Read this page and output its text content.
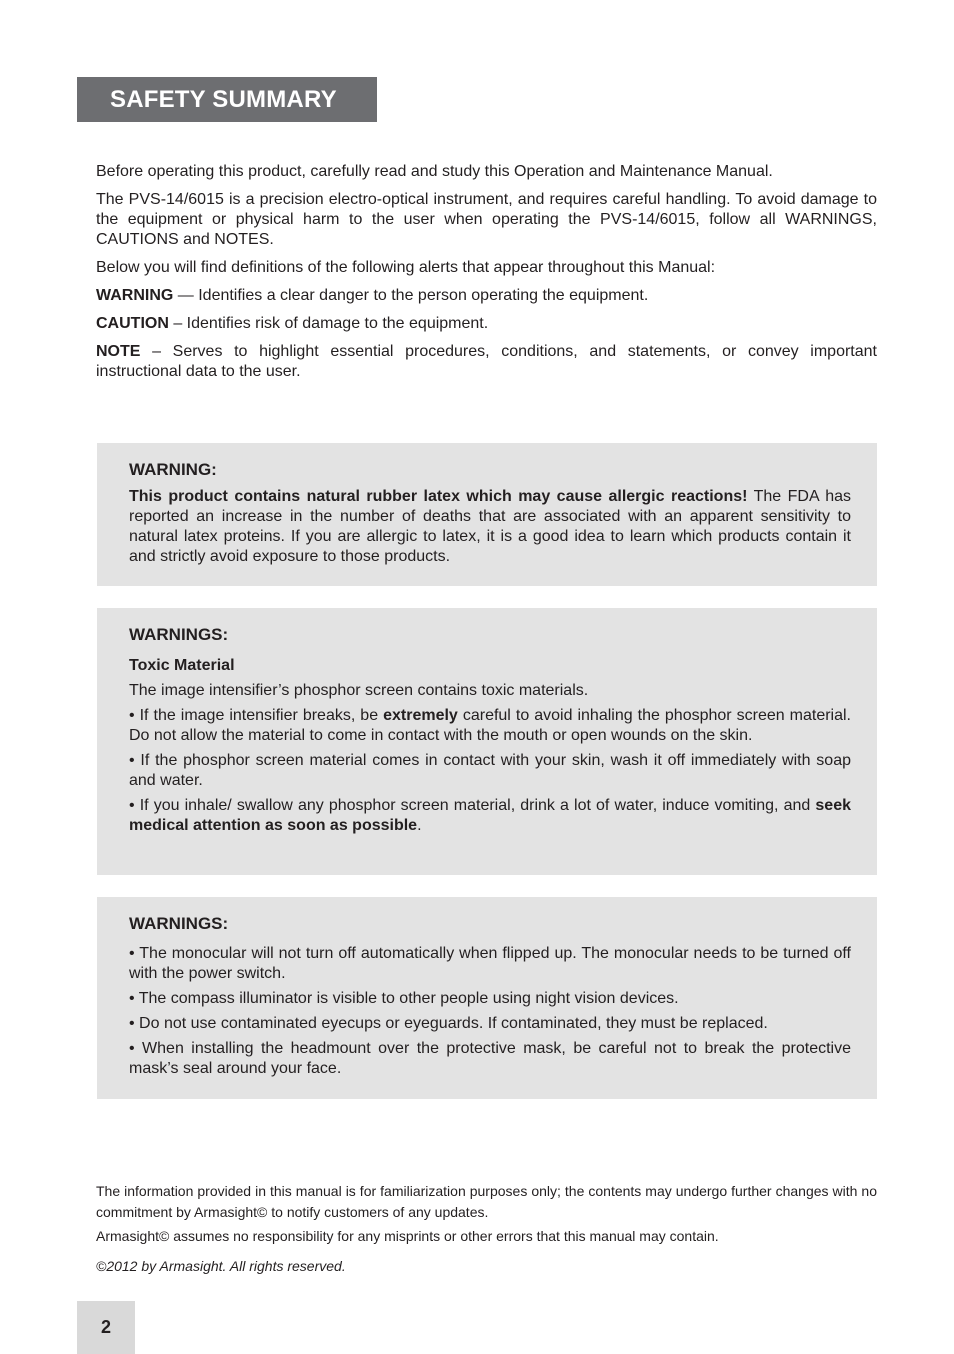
SAFETY SUMMARY

Before operating this product, carefully read and study this Operation and Maintenance Manual.

The PVS-14/6015 is a precision electro-optical instrument, and requires careful handling. To avoid damage to the equipment or physical harm to the user when operating the PVS-14/6015, follow all WARNINGS, CAUTIONS and NOTES.

Below you will find definitions of the following alerts that appear throughout this Manual:

WARNING — Identifies a clear danger to the person operating the equipment.

CAUTION – Identifies risk of damage to the equipment.

NOTE – Serves to highlight essential procedures, conditions, and statements, or convey important instructional data to the user.

WARNING:

This product contains natural rubber latex which may cause allergic reactions! The FDA has reported an increase in the number of deaths that are associated with an apparent sensitivity to natural latex proteins. If you are allergic to latex, it is a good idea to learn which products contain it and strictly avoid exposure to those products.

WARNINGS:

Toxic Material

The image intensifier’s phosphor screen contains toxic materials.

• If the image intensifier breaks, be extremely careful to avoid inhaling the phosphor screen material. Do not allow the material to come in contact with the mouth or open wounds on the skin.

• If the phosphor screen material comes in contact with your skin, wash it off immediately with soap and water.

• If you inhale/ swallow any phosphor screen material, drink a lot of water, induce vomiting, and seek medical attention as soon as possible.

WARNINGS:

• The monocular will not turn off automatically when flipped up. The monocular needs to be turned off with the power switch.

• The compass illuminator is visible to other people using night vision devices.

• Do not use contaminated eyecups or eyeguards. If contaminated, they must be replaced.

• When installing the headmount over the protective mask, be careful not to break the protective mask’s seal around your face.

The information provided in this manual is for familiarization purposes only; the contents may undergo further changes with no commitment by Armasight© to notify customers of any updates.

Armasight© assumes no responsibility for any misprints or other errors that this manual may contain.

©2012 by Armasight. All rights reserved.

2
